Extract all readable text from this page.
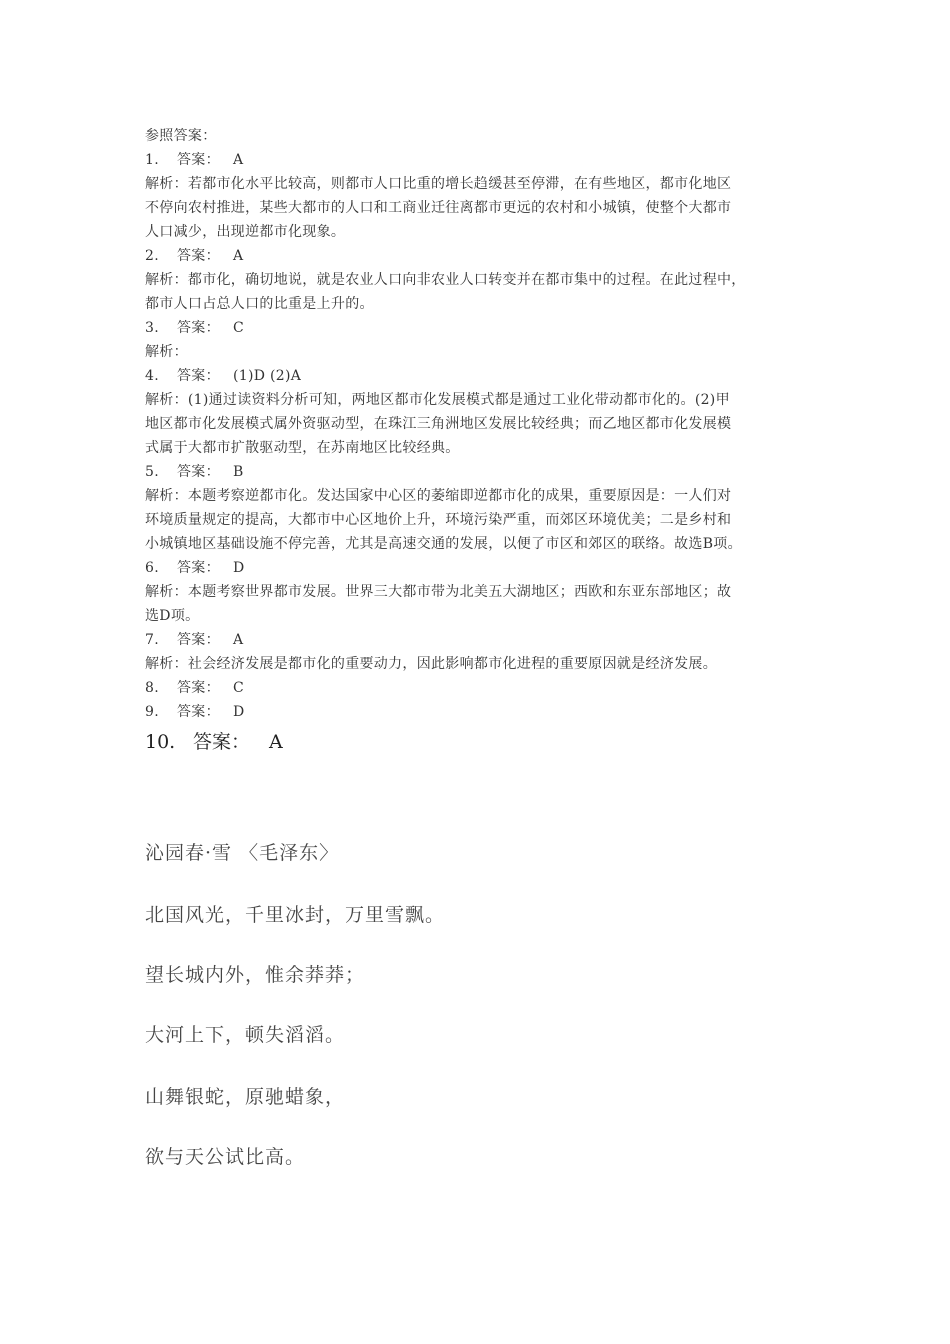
参照答案：
1. 答案： A
解析：若都市化水平比较高，则都市人口比重的增长趋缓甚至停滞，在有些地区，都市化地区
不停向农村推进，某些大都市的人口和工商业迁往离都市更远的农村和小城镇，使整个大都市
人口减少，出现逆都市化现象。
2. 答案： A
解析：都市化，确切地说，就是农业人口向非农业人口转变并在都市集中的过程。在此过程中，
都市人口占总人口的比重是上升的。
3. 答案： C
解析：
4. 答案： (1)D (2)A
解析：(1)通过读资料分析可知，两地区都市化发展模式都是通过工业化带动都市化的。(2)甲
地区都市化发展模式属外资驱动型，在珠江三角洲地区发展比较经典；而乙地区都市化发展模
式属于大都市扩散驱动型，在苏南地区比较经典。
5. 答案： B
解析：本题考察逆都市化。发达国家中心区的萎缩即逆都市化的成果，重要原因是：一人们对
环境质量规定的提高，大都市中心区地价上升，环境污染严重，而郊区环境优美；二是乡村和
小城镇地区基础设施不停完善，尤其是高速交通的发展，以便了市区和郊区的联络。故选B项。
6. 答案： D
解析：本题考察世界都市发展。世界三大都市带为北美五大湖地区；西欧和东亚东部地区；故
选D项。
7. 答案： A
解析：社会经济发展是都市化的重要动力，因此影响都市化进程的重要原因就是经济发展。
8. 答案： C
9. 答案： D
10. 答案： A
沁园春·雪 〈毛泽东〉
北国风光，千里冰封，万里雪飘。
望长城内外，惟余莽莽；
大河上下，顿失滔滔。
山舞银蛇，原驰蜡象，
欲与天公试比高。
